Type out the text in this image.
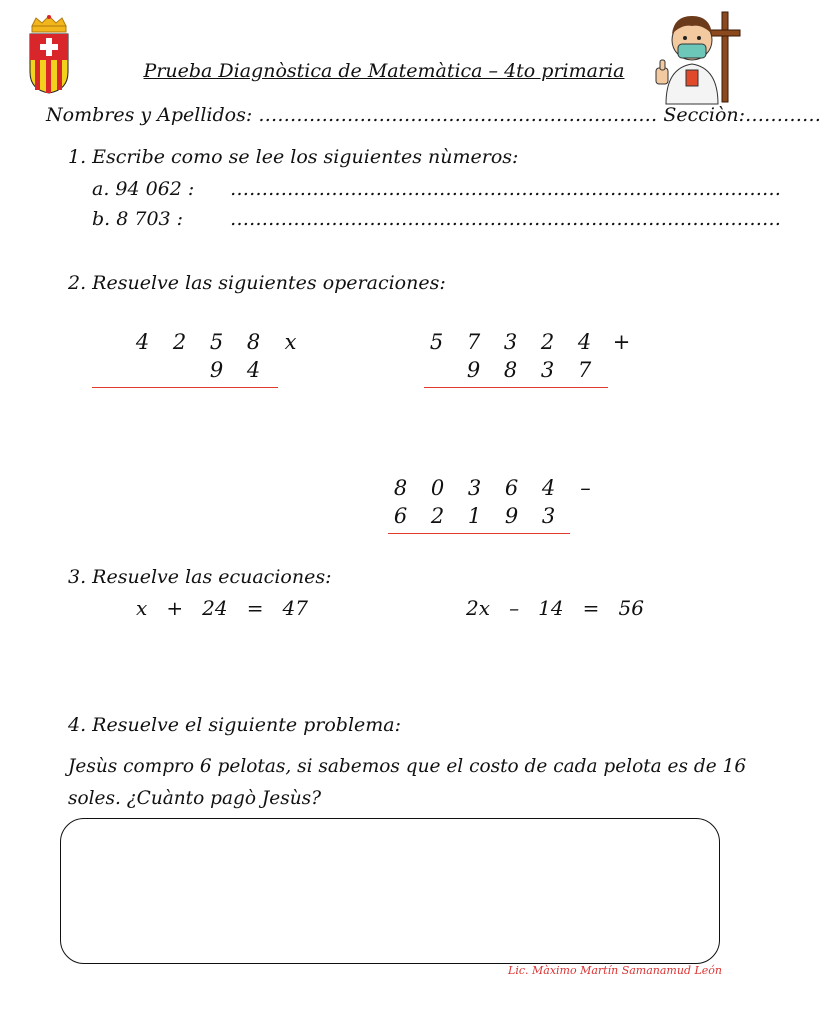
Prueba Diagnòstica de Matemàtica – 4to primaria
Nombres y Apellidos: ……………………………………………………… Secciòn:…………
1. Escribe como se lee los siguientes nùmeros:
a. 94 062 : ……………………………………………………………………………
b. 8 703 : ……………………………………………………………………………
2. Resuelve las siguientes operaciones:
4 2 5 8 x
9 4
5 7 3 2 4 +
9 8 3 7
8 0 3 6 4 –
6 2 1 9 3
3. Resuelve las ecuaciones:
x   +   24   =   47	2x   –   14   =   56
4. Resuelve el siguiente problema:
Jesùs compro 6 pelotas, si sabemos que el costo de cada pelota es de 16
soles. ¿Cuànto pagò Jesùs?
Lic. Màximo Martín Samanamud León
